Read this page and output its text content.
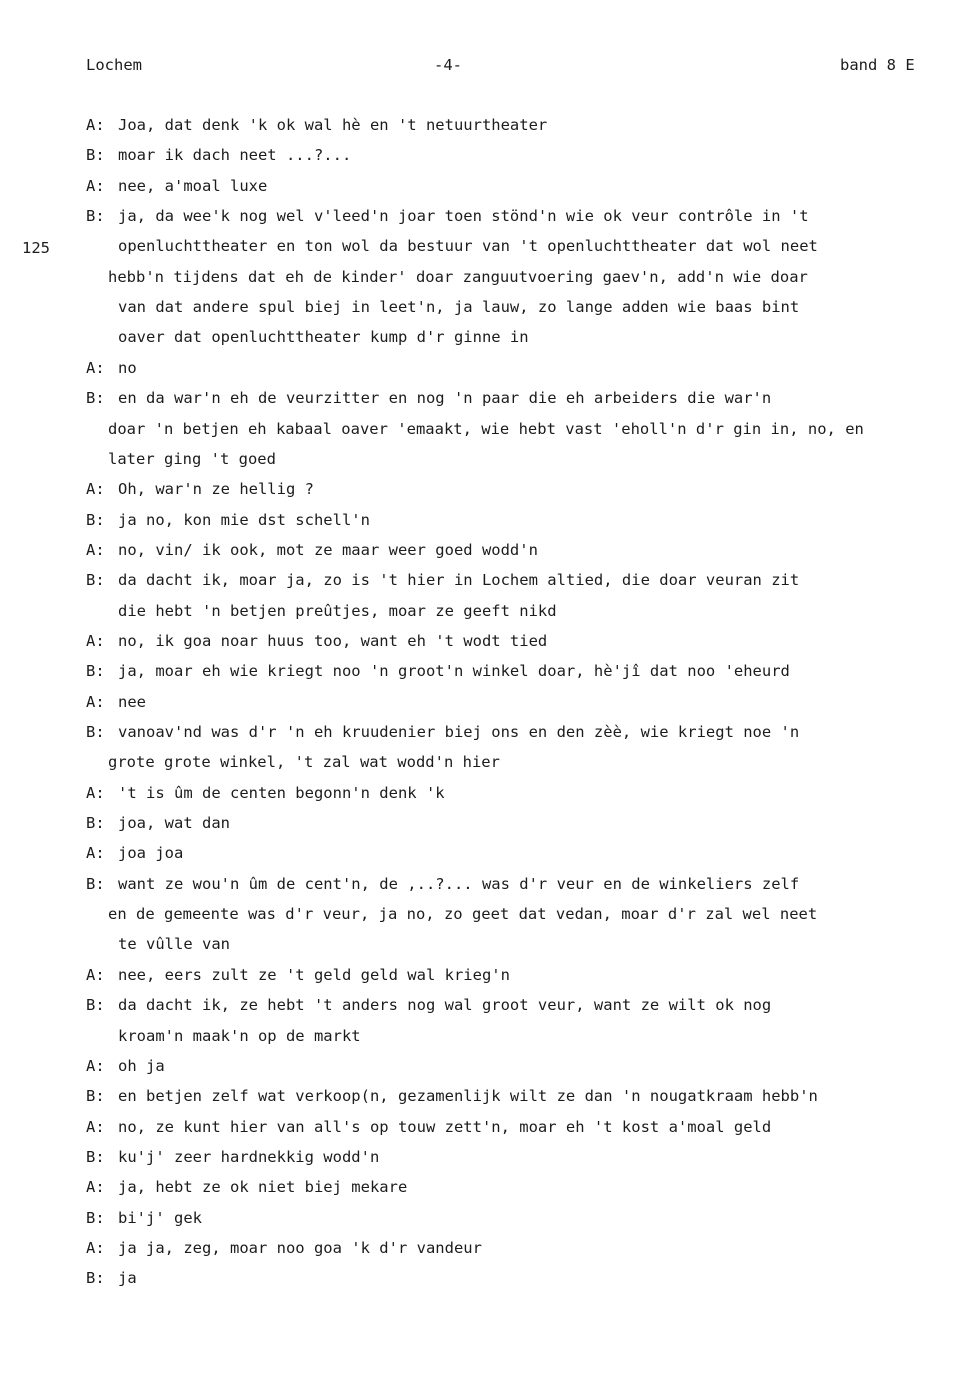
Lochem	-4-	band 8 E
125
A: Joa, dat denk 'k ok wal hè en 't netuurtheater
B: moar ik dach neet ...?...
A: nee, a'moal luxe
B: ja, da wee'k nog wel v'leed'n joar toen stönd'n wie ok veur contrôle in 't
openluchttheater en ton wol da bestuur van 't openluchttheater dat wol neet
hebb'n tijdens dat eh de kinder' doar zanguutvoering gaev'n, add'n wie doar
van dat andere spul biej in leet'n, ja lauw, zo lange adden wie baas bint
oaver dat openluchttheater kump d'r ginne in
A: no
B: en da war'n eh de veurzitter en nog 'n paar die eh arbeiders die war'n
doar 'n betjen eh kabaal oaver 'emaakt, wie hebt vast 'eholl'n d'r gin in, no, en
later ging 't goed
A: Oh, war'n ze hellig ?
B: ja no, kon mie dst schell'n
A: no, vin/ ik ook, mot ze maar weer goed wodd'n
B: da dacht ik, moar ja, zo is 't hier in Lochem altied, die doar veuran zit
die hebt 'n betjen preûtjes, moar ze geeft nikd
A: no, ik goa noar huus too, want eh 't wodt tied
B: ja, moar eh wie kriegt noo 'n groot'n winkel doar, hè'jî dat noo 'eheurd
A: nee
B: vanoav'nd was d'r 'n eh kruudenier biej ons en den zèè, wie kriegt noe 'n
grote grote winkel, 't zal wat wodd'n hier
A: 't is ûm de centen begonn'n denk 'k
B: joa, wat dan
A: joa joa
B: want ze wou'n ûm de cent'n, de ,..?... was d'r veur en de winkeliers zelf
en de gemeente was d'r veur, ja no, zo geet dat vedan, moar d'r zal wel neet
te vûlle van
A: nee, eers zult ze 't geld geld wal krieg'n
B: da dacht ik, ze hebt 't anders nog wal groot veur, want ze wilt ok nog
kroam'n maak'n op de markt
A: oh ja
B: en betjen zelf wat verkoop(n, gezamenlijk wilt ze dan 'n nougatkraam hebb'n
A: no, ze kunt hier van all's op touw zett'n, moar eh 't kost a'moal geld
B: ku'j' zeer hardnekkig wodd'n
A: ja, hebt ze ok niet biej mekare
B: bi'j' gek
A: ja ja, zeg, moar noo goa 'k d'r vandeur
B: ja
